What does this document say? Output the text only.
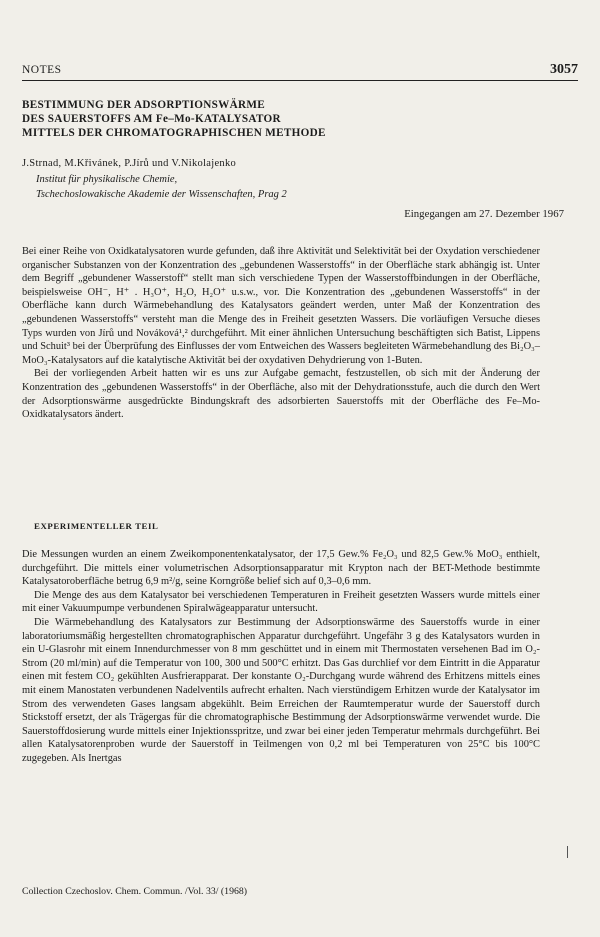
NOTES	3057
BESTIMMUNG DER ADSORPTIONSWÄRME
DES SAUERSTOFFS AM Fe–Mo-KATALYSATOR
MITTELS DER CHROMATOGRAPHISCHEN METHODE
J.Strnad, M.Křivánek, P.Jírů und V.Nikolajenko
Institut für physikalische Chemie,
Tschechoslowakische Akademie der Wissenschaften, Prag 2
Eingegangen am 27. Dezember 1967

Bei einer Reihe von Oxidkatalysatoren wurde gefunden, daß ihre Aktivität und Selektivität bei der Oxydation verschiedener organischer Substanzen von der Konzentration des „gebundenen Wasserstoffs“ in der Oberfläche stark abhängig ist. Unter dem Begriff „gebundener Wasserstoff“ stellt man sich verschiedene Typen der Wasserstoffbindungen in der Oberfläche, beispielsweise OH⁻, H⁺ . H₃O⁺, H₂O, H₂O⁺ u.s.w., vor. Die Konzentration des „gebundenen Wasserstoffs“ in der Oberfläche kann durch Wärmebehandlung des Katalysators geändert werden, unter Maß der Konzentration des „gebundenen Wasserstoffs“ versteht man die Menge des in Freiheit gesetzten Wassers. Die vorläufigen Versuche dieses Typs wurden von Jírů und Nováková¹,² durchgeführt. Mit einer ähnlichen Untersuchung beschäftigten sich Batist, Lippens und Schuit³ bei der Überprüfung des Einflusses der vom Entweichen des Wassers begleiteten Wärmebehandlung des Bi₂O₃–MoO₃-Katalysators auf die katalytische Aktivität bei der oxydativen Dehydrierung von 1-Buten.

Bei der vorliegenden Arbeit hatten wir es uns zur Aufgabe gemacht, festzustellen, ob sich mit der Änderung der Konzentration des „gebundenen Wasserstoffs“ in der Oberfläche, also mit der Dehydrationsstufe, auch die durch den Wert der Adsorptionswärme ausgedrückte Bindungskraft des adsorbierten Sauerstoffs mit der Oberfläche des Fe–Mo-Oxidkatalysators ändert.

EXPERIMENTELLER TEIL

Die Messungen wurden an einem Zweikomponentenkatalysator, der 17,5 Gew.% Fe₂O₃ und 82,5 Gew.% MoO₃ enthielt, durchgeführt. Die mittels einer volumetrischen Adsorptionsapparatur mit Krypton nach der BET-Methode bestimmte Katalysatoroberfläche betrug 6,9 m²/g, seine Korngröße belief sich auf 0,3–0,6 mm.

Die Menge des aus dem Katalysator bei verschiedenen Temperaturen in Freiheit gesetzten Wassers wurde mittels einer mit einer Vakuumpumpe verbundenen Spiralwägeapparatur untersucht.

Die Wärmebehandlung des Katalysators zur Bestimmung der Adsorptionswärme des Sauerstoffs wurde in einer laboratoriumsmäßig hergestellten chromatographischen Apparatur durchgeführt. Ungefähr 3 g des Katalysators wurden in ein U-Glasrohr mit einem Innendurchmesser von 8 mm geschüttet und in einem mit Thermostaten versehenen Bad im O₂-Strom (20 ml/min) auf die Temperatur von 100, 300 und 500°C erhitzt. Das Gas durchlief vor dem Eintritt in die Apparatur einen mit festem CO₂ gekühlten Ausfrierapparat. Der konstante O₂-Durchgang wurde während des Erhitzens mittels eines mit einem Manostaten verbundenen Nadelventils aufrecht erhalten. Nach vierstündigem Erhitzen wurde der Katalysator im Strom des verwendeten Gases langsam abgekühlt. Beim Erreichen der Raumtemperatur wurde der Sauerstoff durch Stickstoff ersetzt, der als Trägergas für die chromatographische Bestimmung der Adsorptionswärme verwendet wurde. Die Sauerstoffdosierung wurde mittels einer Injektionsspritze, und zwar bei einer jeden Temperatur mehrmals durchgeführt. Bei allen Katalysatorenproben wurde der Sauerstoff in Teilmengen von 0,2 ml bei Temperaturen von 25°C bis 100°C zugegeben. Als Inertgas

Collection Czechoslov. Chem. Commun. /Vol. 33/ (1968)
